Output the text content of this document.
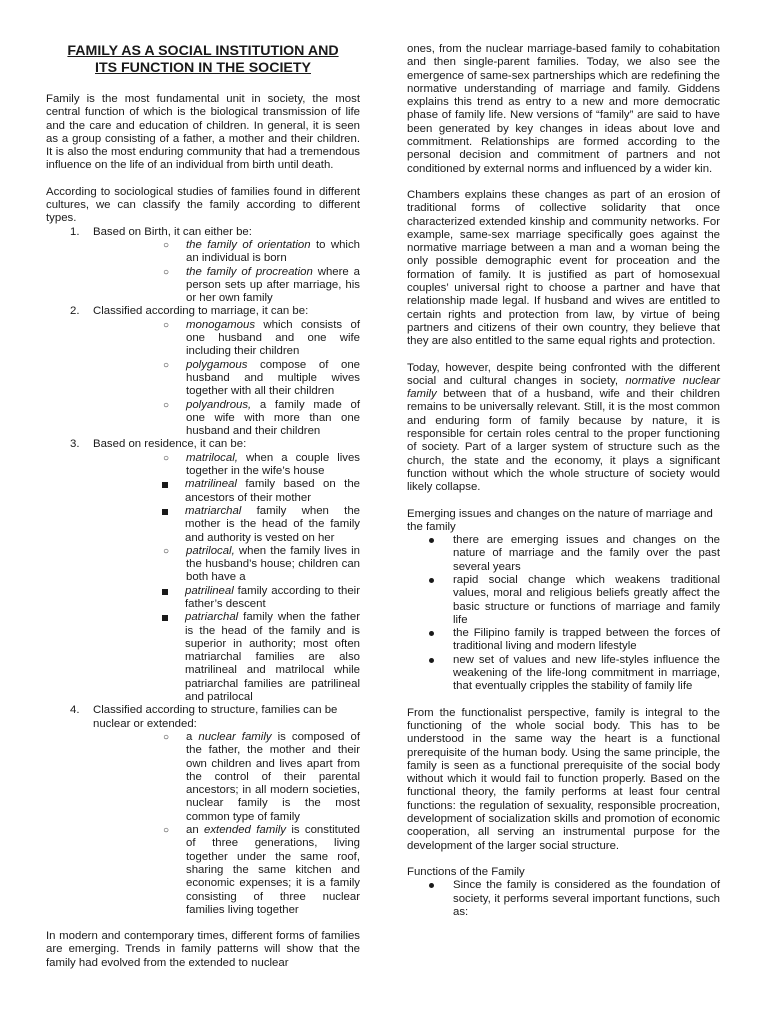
FAMILY AS A SOCIAL INSTITUTION AND
ITS FUNCTION IN THE SOCIETY

Family is the most fundamental unit in society, the most central function of which is the biological transmission of life and the care and education of children. In general, it is seen as a group consisting of a father, a mother and their children. It is also the most enduring community that had a tremendous influence on the life of an individual from birth until death.

According to sociological studies of families found in different cultures, we can classify the family according to different types.

1. Based on Birth, it can either be:
○ the family of orientation to which an individual is born
○ the family of procreation where a person sets up after marriage, his or her own family
2. Classified according to marriage, it can be:
○ monogamous which consists of one husband and one wife including their children
○ polygamous compose of one husband and multiple wives together with all their children
○ polyandrous, a family made of one wife with more than one husband and their children
3. Based on residence, it can be:
○ matrilocal, when a couple lives together in the wife’s house
matrilineal family based on the ancestors of their mother
matriarchal family when the mother is the head of the family and authority is vested on her
○ patrilocal, when the family lives in the husband’s house; children can both have a
patrilineal family according to their father’s descent
patriarchal family when the father is the head of the family and is superior in authority; most often matriarchal families are also matrilineal and matrilocal while patriarchal families are patrilineal and patrilocal
4. Classified according to structure, families can be nuclear or extended:
○ a nuclear family is composed of the father, the mother and their own children and lives apart from the control of their parental ancestors; in all modern societies, nuclear family is the most common type of family
○ an extended family is constituted of three generations, living together under the same roof, sharing the same kitchen and economic expenses; it is a family consisting of three nuclear families living together

In modern and contemporary times, different forms of families are emerging. Trends in family patterns will show that the family had evolved from the extended to nuclear

ones, from the nuclear marriage-based family to cohabitation and then single-parent families. Today, we also see the emergence of same-sex partnerships which are redefining the normative understanding of marriage and family. Giddens explains this trend as entry to a new and more democratic phase of family life. New versions of “family” are said to have been generated by key changes in ideas about love and commitment. Relationships are formed according to the personal decision and commitment of partners and not conditioned by external norms and influenced by a wider kin.

Chambers explains these changes as part of an erosion of traditional forms of collective solidarity that once characterized extended kinship and community networks. For example, same-sex marriage specifically goes against the normative marriage between a man and a woman being the only possible demographic event for proceation and the formation of family. It is justified as part of homosexual couples’ universal right to choose a partner and have that relationship made legal. If husband and wives are entitled to certain rights and protection from law, by virtue of being partners and citizens of their own country, they believe that they are also entitled to the same equal rights and protection.

Today, however, despite being confronted with the different social and cultural changes in society, normative nuclear family between that of a husband, wife and their children remains to be universally relevant. Still, it is the most common and enduring form of family because by nature, it is responsible for certain roles central to the proper functioning of society. Part of a larger system of structure such as the church, the state and the economy, it plays a significant function without which the whole structure of society would likely collapse.

Emerging issues and changes on the nature of marriage and the family

there are emerging issues and changes on the nature of marriage and the family over the past several years
rapid social change which weakens traditional values, moral and religious beliefs greatly affect the basic structure or functions of marriage and family life
the Filipino family is trapped between the forces of traditional living and modern lifestyle
new set of values and new life-styles influence the weakening of the life-long commitment in marriage, that eventually cripples the stability of family life

From the functionalist perspective, family is integral to the functioning of the whole social body. This has to be understood in the same way the heart is a functional prerequisite of the human body. Using the same principle, the family is seen as a functional prerequisite of the social body without which it would fail to function properly. Based on the functional theory, the family performs at least four central functions: the regulation of sexuality, responsible procreation, development of socialization skills and promotion of economic cooperation, all serving an instrumental purpose for the development of the larger social structure.

Functions of the Family

Since the family is considered as the foundation of society, it performs several important functions, such as:
